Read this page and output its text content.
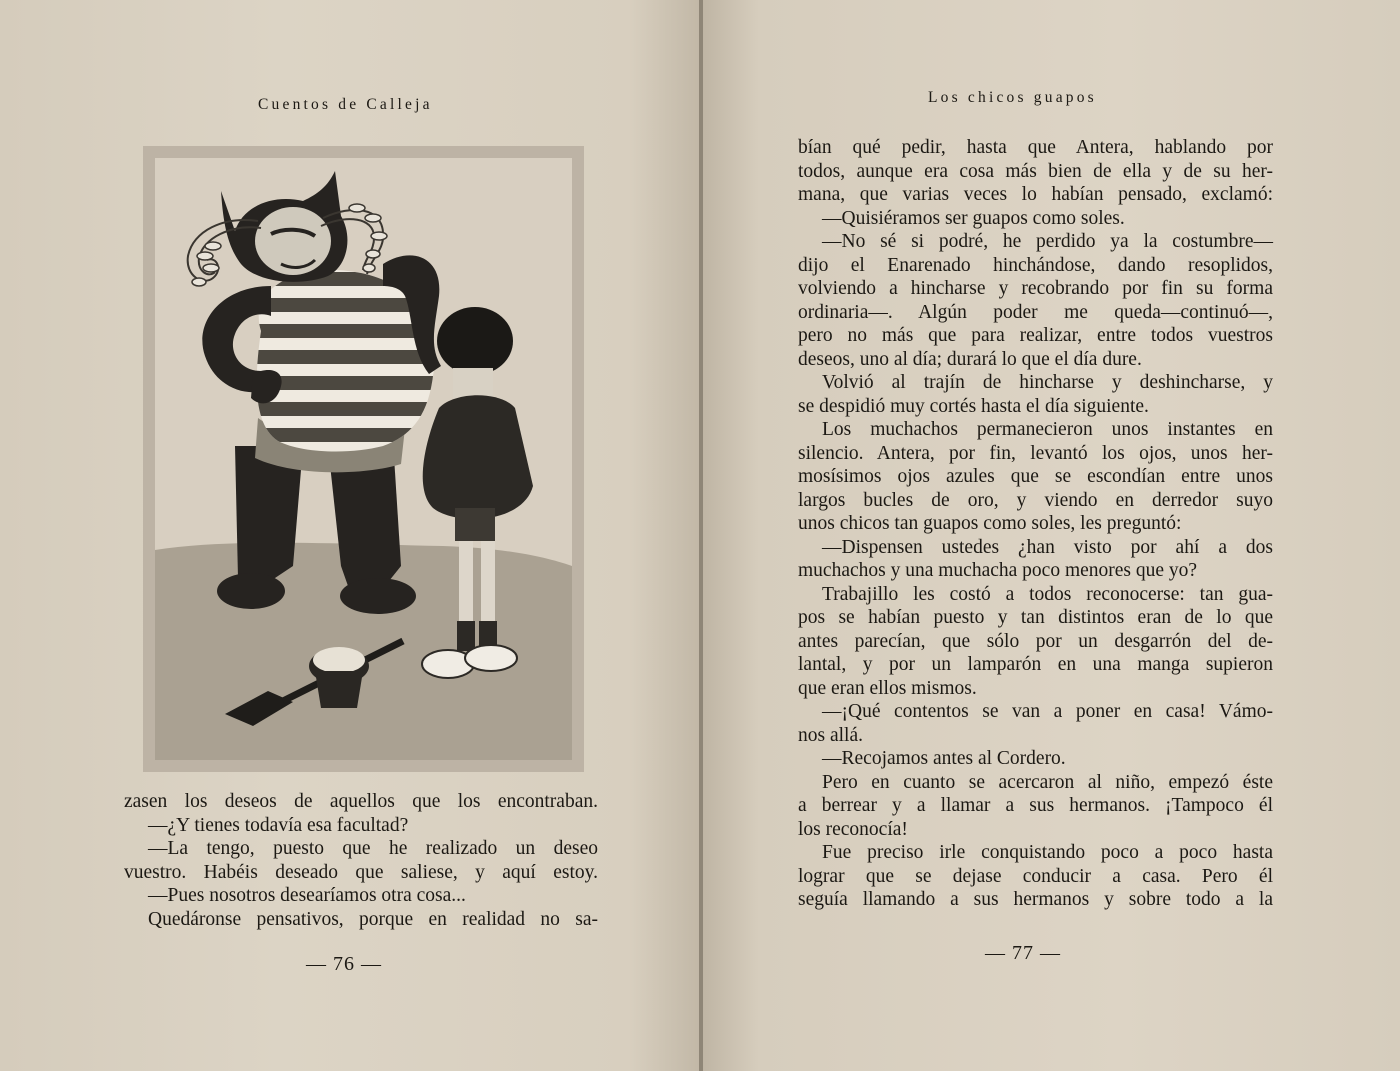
Cuentos de Calleja

zasen los deseos de aquellos que los encontraban.

—¿Y tienes todavía esa facultad?

—La tengo, puesto que he realizado un deseo

vuestro. Habéis deseado que saliese, y aquí estoy.

—Pues nosotros desearíamos otra cosa...

Quedáronse pensativos, porque en realidad no sa-

— 76 —
Los chicos guapos

bían qué pedir, hasta que Antera, hablando por

todos, aunque era cosa más bien de ella y de su her-

mana, que varias veces lo habían pensado, exclamó:

—Quisiéramos ser guapos como soles.

—No sé si podré, he perdido ya la costumbre—

dijo el Enarenado hinchándose, dando resoplidos,

volviendo a hincharse y recobrando por fin su forma

ordinaria—. Algún poder me queda—continuó—,

pero no más que para realizar, entre todos vuestros

deseos, uno al día; durará lo que el día dure.

Volvió al trajín de hincharse y deshincharse, y

se despidió muy cortés hasta el día siguiente.

Los muchachos permanecieron unos instantes en

silencio. Antera, por fin, levantó los ojos, unos her-

mosísimos ojos azules que se escondían entre unos

largos bucles de oro, y viendo en derredor suyo

unos chicos tan guapos como soles, les preguntó:

—Dispensen ustedes ¿han visto por ahí a dos

muchachos y una muchacha poco menores que yo?

Trabajillo les costó a todos reconocerse: tan gua-

pos se habían puesto y tan distintos eran de lo que

antes parecían, que sólo por un desgarrón del de-

lantal, y por un lamparón en una manga supieron

que eran ellos mismos.

—¡Qué contentos se van a poner en casa! Vámo-

nos allá.

—Recojamos antes al Cordero.

Pero en cuanto se acercaron al niño, empezó éste

a berrear y a llamar a sus hermanos. ¡Tampoco él

los reconocía!

Fue preciso irle conquistando poco a poco hasta

lograr que se dejase conducir a casa. Pero él

seguía llamando a sus hermanos y sobre todo a la

— 77 —
